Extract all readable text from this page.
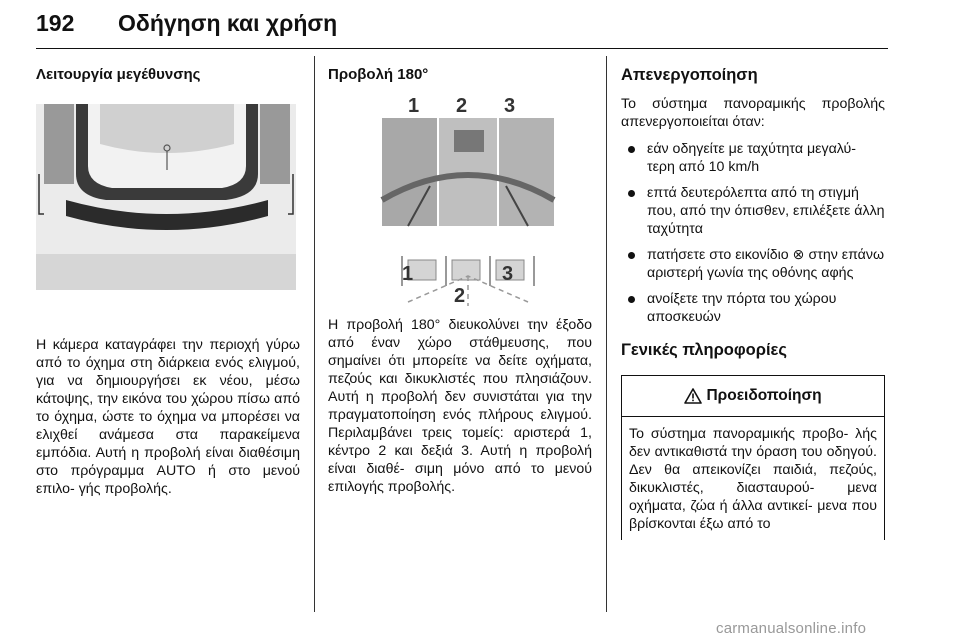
192 Οδήγηση και χρήση
Λειτουργία μεγέθυνσης

Η κάμερα καταγράφει την περιοχή γύρω από το όχημα στη διάρκεια ενός ελιγμού, για να δημιουργήσει εκ νέου, μέσω κάτοψης, την εικόνα του χώρου πίσω από το όχημα, ώστε το όχημα να μπορέσει να ελιχθεί ανάμεσα στα παρακείμενα εμπόδια. Αυτή η προβολή είναι διαθέσιμη στο πρόγραμμα AUTO ή στο μενού επιλο- γής προβολής.

Προβολή 180°

Η προβολή 180° διευκολύνει την έξοδο από έναν χώρο στάθμευσης, που σημαίνει ότι μπορείτε να δείτε οχήματα, πεζούς και δικυκλιστές που πλησιάζουν. Αυτή η προβολή δεν συνιστάται για την πραγματοποίηση ενός πλήρους ελιγμού. Περιλαμβάνει τρεις τομείς: αριστερά 1, κέντρο 2 και δεξιά 3. Αυτή η προβολή είναι διαθέ- σιμη μόνο από το μενού επιλογής προβολής.

1 2 3
1
2
3
Απενεργοποίηση

Το σύστημα πανοραμικής προβολής απενεργοποιείται όταν:

εάν οδηγείτε με ταχύτητα μεγαλύ- τερη από 10 km/h
επτά δευτερόλεπτα από τη στιγμή που, από την όπισθεν, επιλέξετε άλλη ταχύτητα
πατήσετε στο εικονίδιο ⊗ στην επάνω αριστερή γωνία της οθόνης αφής
ανοίξετε την πόρτα του χώρου αποσκευών
Γενικές πληροφορίες
Προειδοποίηση
Το σύστημα πανοραμικής προβο- λής δεν αντικαθιστά την όραση του οδηγού. Δεν θα απεικονίζει παιδιά, πεζούς, δικυκλιστές, διασταυρού- μενα οχήματα, ζώα ή άλλα αντικεί- μενα που βρίσκονται έξω από το
carmanualsonline.info
